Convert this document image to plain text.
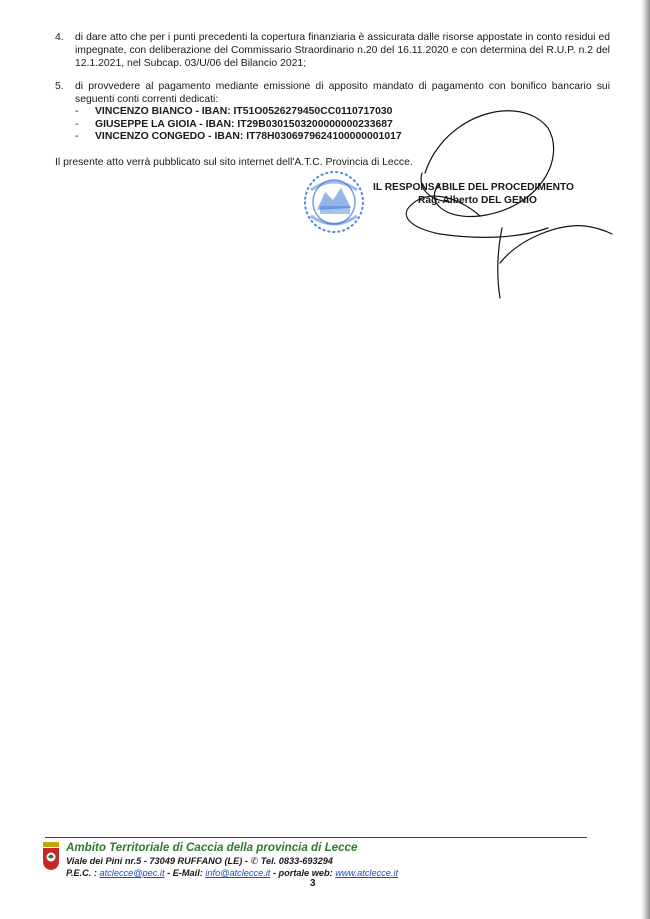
4. di dare atto che per i punti precedenti la copertura finanziaria è assicurata dalle risorse appostate in conto residui ed impegnate, con deliberazione del Commissario Straordinario n.20 del 16.11.2020 e con determina del R.U.P. n.2 del 12.1.2021, nel Subcap. 03/U/06 del Bilancio 2021;

5. di provvedere al pagamento mediante emissione di apposito mandato di pagamento con bonifico bancario sui seguenti conti correnti dedicati:

- VINCENZO BIANCO - IBAN: IT51O0526279450CC0110717030
- GIUSEPPE LA GIOIA - IBAN: IT29B0301503200000000233687
- VINCENZO CONGEDO - IBAN: IT78H0306979624100000001017
Il presente atto verrà pubblicato sul sito internet dell'A.T.C. Provincia di Lecce.
IL RESPONSABILE DEL PROCEDIMENTO
Rag. Alberto DEL GENIO
Ambito Territoriale di Caccia della provincia di Lecce
Viale dei Pini nr.5 - 73049 RUFFANO (LE) - ✆ Tel. 0833-693294
P.E.C. : atclecce@pec.it - E-Mail: info@atclecce.it - portale web: www.atclecce.it
3
